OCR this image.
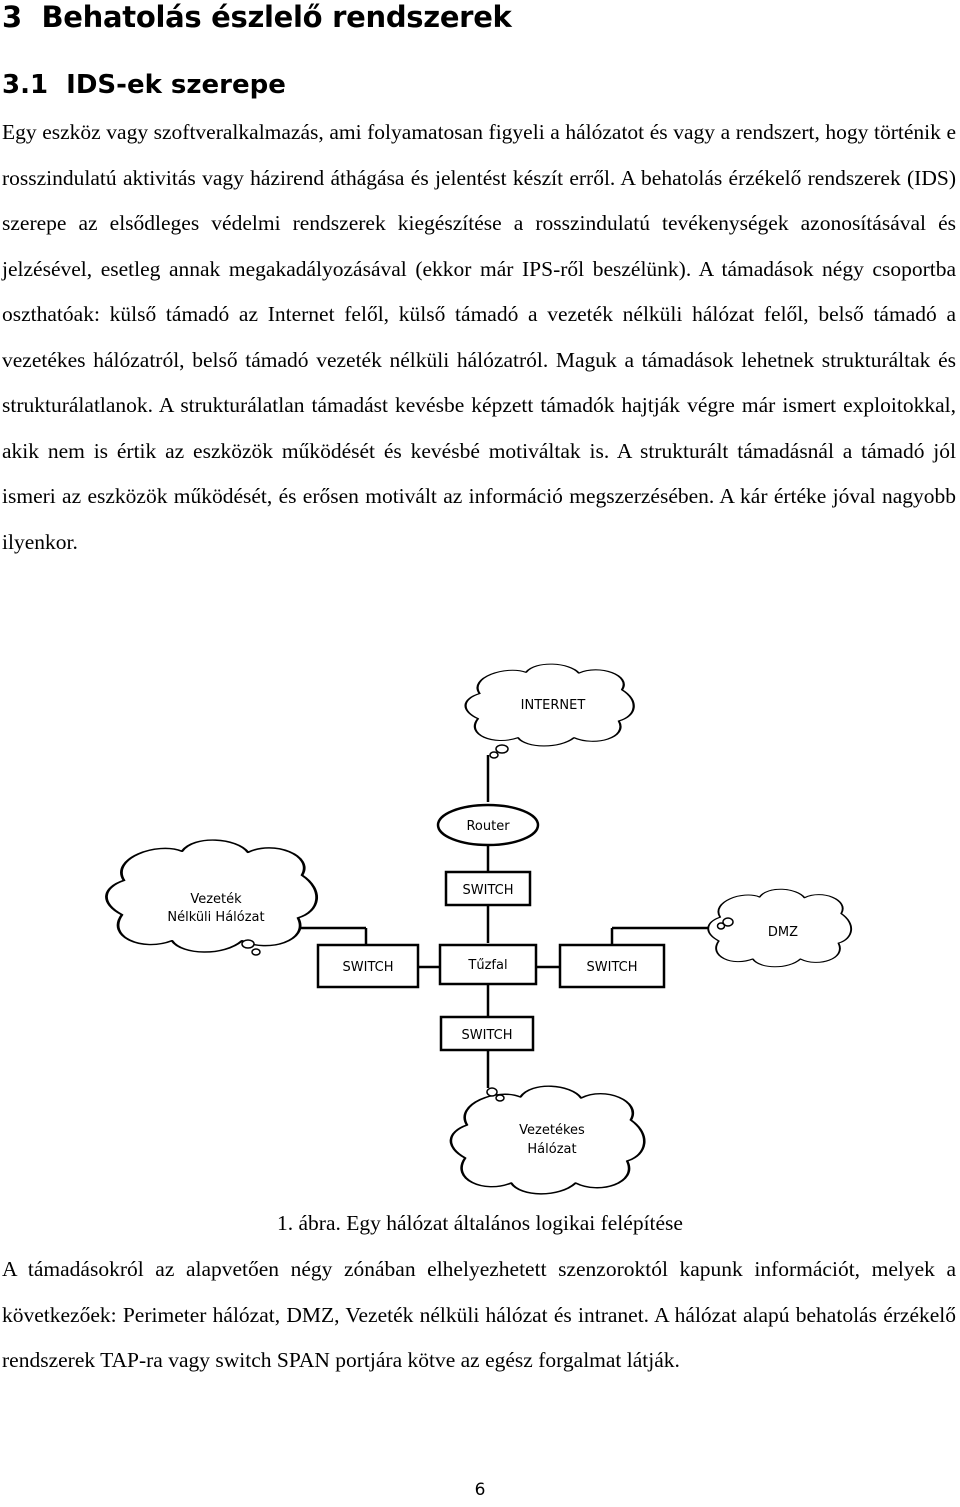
3 Behatolás észlelő rendszerek
3.1 IDS-ek szerepe

Egy eszköz vagy szoftveralkalmazás, ami folyamatosan figyeli a hálózatot és vagy a rendszert, hogy történik e rosszindulatú aktivitás vagy házirend áthágása és jelentést készít erről. A behatolás érzékelő rendszerek (IDS) szerepe az elsődleges védelmi rendszerek kiegészítése a rosszindulatú tevékenységek azonosításával és jelzésével, esetleg annak megakadályozásával (ekkor már IPS-ről beszélünk). A támadások négy csoportba oszthatóak: külső támadó az Internet felől, külső támadó a vezeték nélküli hálózat felől, belső támadó a vezetékes hálózatról, belső támadó vezeték nélküli hálózatról. Maguk a támadások lehetnek strukturáltak és strukturálatlanok. A strukturálatlan támadást kevésbe képzett támadók hajtják végre már ismert exploitokkal, akik nem is értik az eszközök működését és kevésbé motiváltak is. A strukturált támadásnál a támadó jól ismeri az eszközök működését, és erősen motivált az információ megszerzésében. A kár értéke jóval nagyobb ilyenkor.

INTERNET
Router
SWITCH
SWITCH	Tűzfal	SWITCH
SWITCH
Vezeték
Nélküli Hálózat
DMZ
Vezetékes
Hálózat

1. ábra. Egy hálózat általános logikai felépítése

A támadásokról az alapvetően négy zónában elhelyezhetett szenzoroktól kapunk információt, melyek a következőek: Perimeter hálózat, DMZ, Vezeték nélküli hálózat és intranet. A hálózat alapú behatolás érzékelő rendszerek TAP-ra vagy switch SPAN portjára kötve az egész forgalmat látják.

6
